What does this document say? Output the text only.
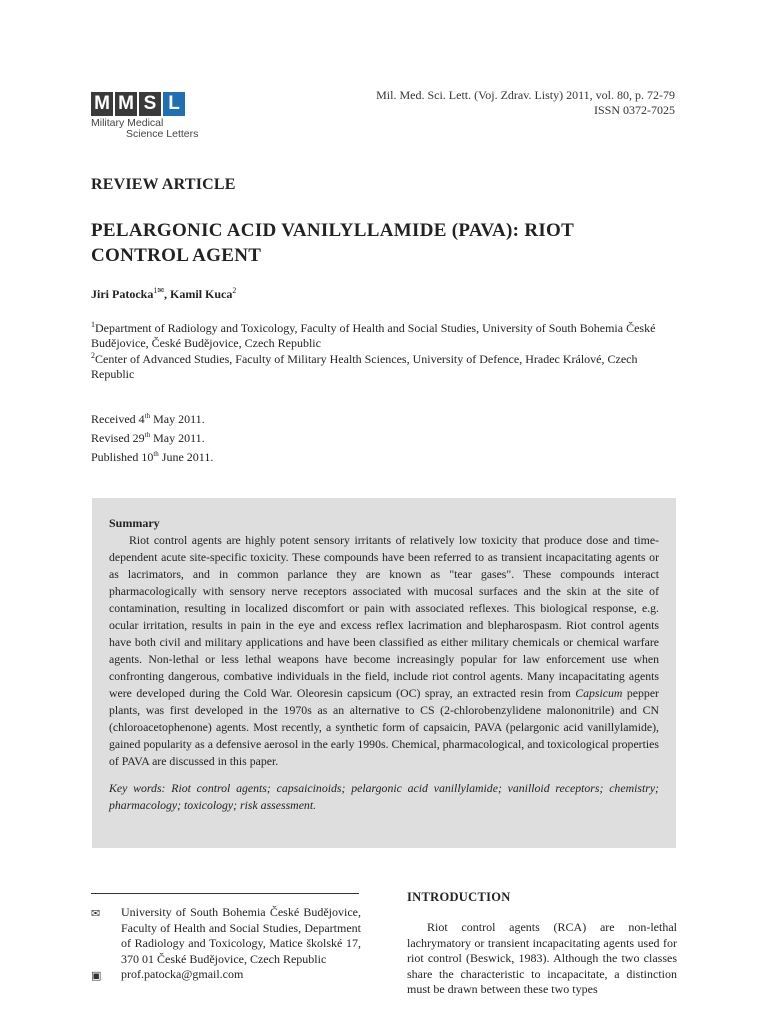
M M S L
Military Medical
Science Letters
Mil. Med. Sci. Lett. (Voj. Zdrav. Listy) 2011, vol. 80, p. 72-79
ISSN 0372-7025
REVIEW ARTICLE
PELARGONIC ACID VANILYLLAMIDE (PAVA): RIOT CONTROL AGENT
Jiri Patocka$^{1✉}$, Kamil Kuca$^2$
$^1$Department of Radiology and Toxicology, Faculty of Health and Social Studies, University of South Bohemia České Budějovice, České Budějovice, Czech Republic
$^2$Center of Advanced Studies, Faculty of Military Health Sciences, University of Defence, Hradec Králové, Czech Republic
Received 4th May 2011.
Revised 29th May 2011.
Published 10th June 2011.
Summary
Riot control agents are highly potent sensory irritants of relatively low toxicity that produce dose and time-dependent acute site-specific toxicity. These compounds have been referred to as transient incapacitating agents or as lacrimators, and in common parlance they are known as "tear gases". These compounds interact pharmacologically with sensory nerve receptors associated with mucosal surfaces and the skin at the site of contamination, resulting in localized discomfort or pain with associated reflexes. This biological response, e.g. ocular irritation, results in pain in the eye and excess reflex lacrimation and blepharospasm. Riot control agents have both civil and military applications and have been classified as either military chemicals or chemical warfare agents. Non-lethal or less lethal weapons have become increasingly popular for law enforcement use when confronting dangerous, combative individuals in the field, include riot control agents. Many incapacitating agents were developed during the Cold War. Oleoresin capsicum (OC) spray, an extracted resin from Capsicum pepper plants, was first developed in the 1970s as an alternative to CS (2-chlorobenzylidene malononitrile) and CN (chloroacetophenone) agents. Most recently, a synthetic form of capsaicin, PAVA (pelargonic acid vanillylamide), gained popularity as a defensive aerosol in the early 1990s. Chemical, pharmacological, and toxicological properties of PAVA are discussed in this paper.
Key words: Riot control agents; capsaicinoids; pelargonic acid vanillylamide; vanilloid receptors; chemistry; pharmacology; toxicology; risk assessment.
✉	University of South Bohemia České Budějovice, Faculty of Health and Social Studies, Department of Radiology and Toxicology, Matice školské 17, 370 01 České Budějovice, Czech Republic
▣	prof.patocka@gmail.com
INTRODUCTION
Riot control agents (RCA) are non-lethal lachrymatory or transient incapacitating agents used for riot control (Beswick, 1983). Although the two classes share the characteristic to incapacitate, a distinction must be drawn between these two types
